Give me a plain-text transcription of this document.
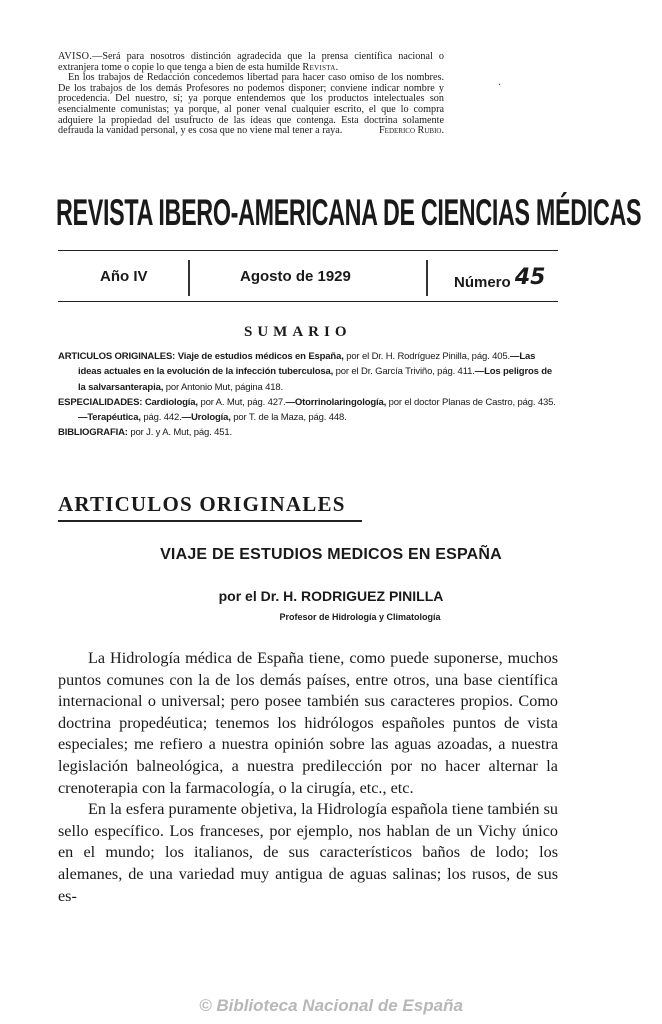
AVISO.—Será para nosotros distinción agradecida que la prensa científica nacional o extranjera tome o copie lo que tenga a bien de esta humilde Revista.

En los trabajos de Redacción concedemos libertad para hacer caso omiso de los nombres. De los trabajos de los demás Profesores no podemos disponer; conviene indicar nombre y procedencia. Del nuestro, sí; ya porque entendemos que los productos intelectuales son esencialmente comunistas; ya porque, al poner venal cualquier escrito, el que lo compra adquiere la propiedad del usufructo de las ideas que contenga. Esta doctrina solamente defrauda la vanidad personal, y es cosa que no viene mal tener a raya.	Federico Rubio.

·
REVISTA IBERO-AMERICANA DE CIENCIAS MÉDICAS
Año IV	Agosto de 1929	Número 45
SUMARIO

ARTICULOS ORIGINALES: Viaje de estudios médicos en España, por el Dr. H. Rodríguez Pinilla, pág. 405.—Las ideas actuales en la evolución de la infección tuberculosa, por el Dr. García Triviño, pág. 411.—Los peligros de la salvarsanterapia, por Antonio Mut, página 418.

ESPECIALIDADES: Cardiología, por A. Mut, pág. 427.—Otorrinolaringología, por el doctor Planas de Castro, pág. 435.—Terapéutica, pág. 442.—Urología, por T. de la Maza, pág. 448.

BIBLIOGRAFIA: por J. y A. Mut, pág. 451.

ARTICULOS ORIGINALES
VIAJE DE ESTUDIOS MEDICOS EN ESPAÑA
por el Dr. H. RODRIGUEZ PINILLA
Profesor de Hidrología y Climatología

La Hidrología médica de España tiene, como puede suponerse, muchos puntos comunes con la de los demás países, entre otros, una base científica internacional o universal; pero posee también sus caracteres propios. Como doctrina propedéutica; tenemos los hidrólogos españoles puntos de vista especiales; me refiero a nuestra opinión sobre las aguas azoadas, a nuestra legislación balneológica, a nuestra predilección por no hacer alternar la crenoterapia con la farmacología, o la cirugía, etc., etc.

En la esfera puramente objetiva, la Hidrología española tiene también su sello específico. Los franceses, por ejemplo, nos hablan de un Vichy único en el mundo; los italianos, de sus característicos baños de lodo; los alemanes, de una variedad muy antigua de aguas salinas; los rusos, de sus es-

© Biblioteca Nacional de España
